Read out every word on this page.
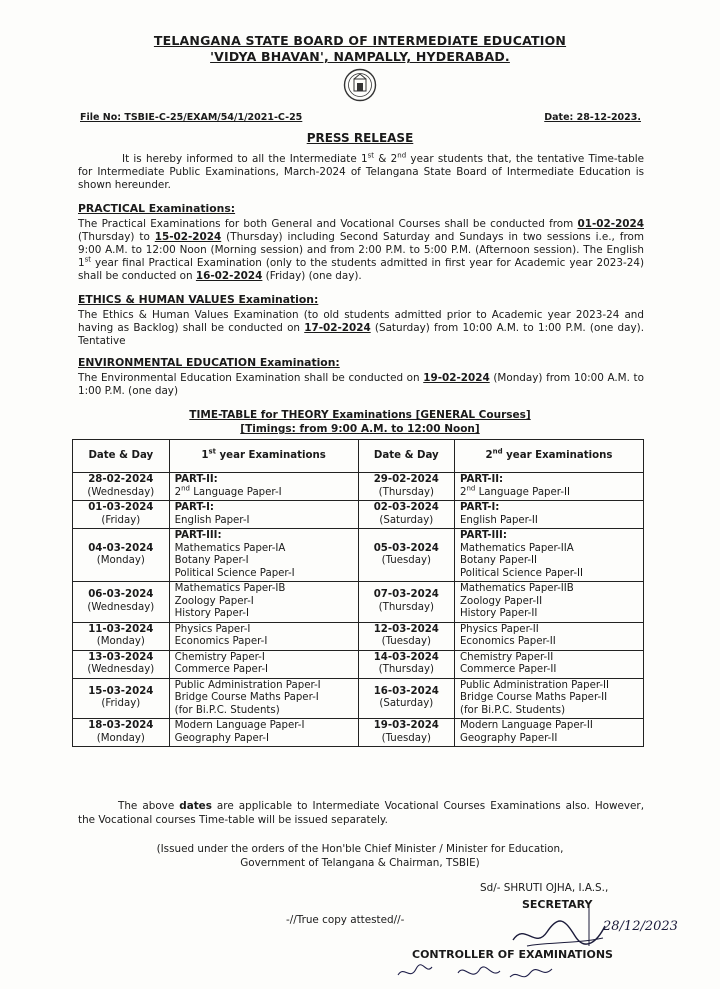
TELANGANA STATE BOARD OF INTERMEDIATE EDUCATION
'VIDYA BHAVAN', NAMPALLY, HYDERABAD.
File No: TSBIE-C-25/EXAM/54/1/2021-C-25	Date: 28-12-2023.
PRESS RELEASE
It is hereby informed to all the Intermediate 1st & 2nd year students that, the tentative Time-table for Intermediate Public Examinations, March-2024 of Telangana State Board of Intermediate Education is shown hereunder.
PRACTICAL Examinations:
The Practical Examinations for both General and Vocational Courses shall be conducted from 01-02-2024 (Thursday) to 15-02-2024 (Thursday) including Second Saturday and Sundays in two sessions i.e., from 9:00 A.M. to 12:00 Noon (Morning session) and from 2:00 P.M. to 5:00 P.M. (Afternoon session). The English 1st year final Practical Examination (only to the students admitted in first year for Academic year 2023-24) shall be conducted on 16-02-2024 (Friday) (one day).
ETHICS & HUMAN VALUES Examination:
The Ethics & Human Values Examination (to old students admitted prior to Academic year 2023-24 and having as Backlog) shall be conducted on 17-02-2024 (Saturday) from 10:00 A.M. to 1:00 P.M. (one day). Tentative
ENVIRONMENTAL EDUCATION Examination:
The Environmental Education Examination shall be conducted on 19-02-2024 (Monday) from 10:00 A.M. to 1:00 P.M. (one day)
TIME-TABLE for THEORY Examinations [GENERAL Courses]
[Timings: from 9:00 A.M. to 12:00 Noon]
Date & Day	1st year Examinations	Date & Day	2nd year Examinations

28-02-2024
(Wednesday)	PART-II:
2nd Language Paper-I	29-02-2024
(Thursday)	PART-II:
2nd Language Paper-II

01-03-2024
(Friday)	PART-I:
English Paper-I	02-03-2024
(Saturday)	PART-I:
English Paper-II

04-03-2024
(Monday)	PART-III:
Mathematics Paper-IA
Botany Paper-I
Political Science Paper-I	05-03-2024
(Tuesday)	PART-III:
Mathematics Paper-IIA
Botany Paper-II
Political Science Paper-II

06-03-2024
(Wednesday)	Mathematics Paper-IB
Zoology Paper-I
History Paper-I	07-03-2024
(Thursday)	Mathematics Paper-IIB
Zoology Paper-II
History Paper-II

11-03-2024
(Monday)	Physics Paper-I
Economics Paper-I	12-03-2024
(Tuesday)	Physics Paper-II
Economics Paper-II

13-03-2024
(Wednesday)	Chemistry Paper-I
Commerce Paper-I	14-03-2024
(Thursday)	Chemistry Paper-II
Commerce Paper-II

15-03-2024
(Friday)	Public Administration Paper-I
Bridge Course Maths Paper-I
(for Bi.P.C. Students)	16-03-2024
(Saturday)	Public Administration Paper-II
Bridge Course Maths Paper-II
(for Bi.P.C. Students)

18-03-2024
(Monday)	Modern Language Paper-I
Geography Paper-I	19-03-2024
(Tuesday)	Modern Language Paper-II
Geography Paper-II
The above dates are applicable to Intermediate Vocational Courses Examinations also. However, the Vocational courses Time-table will be issued separately.
(Issued under the orders of the Hon'ble Chief Minister / Minister for Education,
Government of Telangana & Chairman, TSBIE)
Sd/- SHRUTI OJHA, I.A.S.,
SECRETARY
28/12/2023
-//True copy attested//-
CONTROLLER OF EXAMINATIONS
